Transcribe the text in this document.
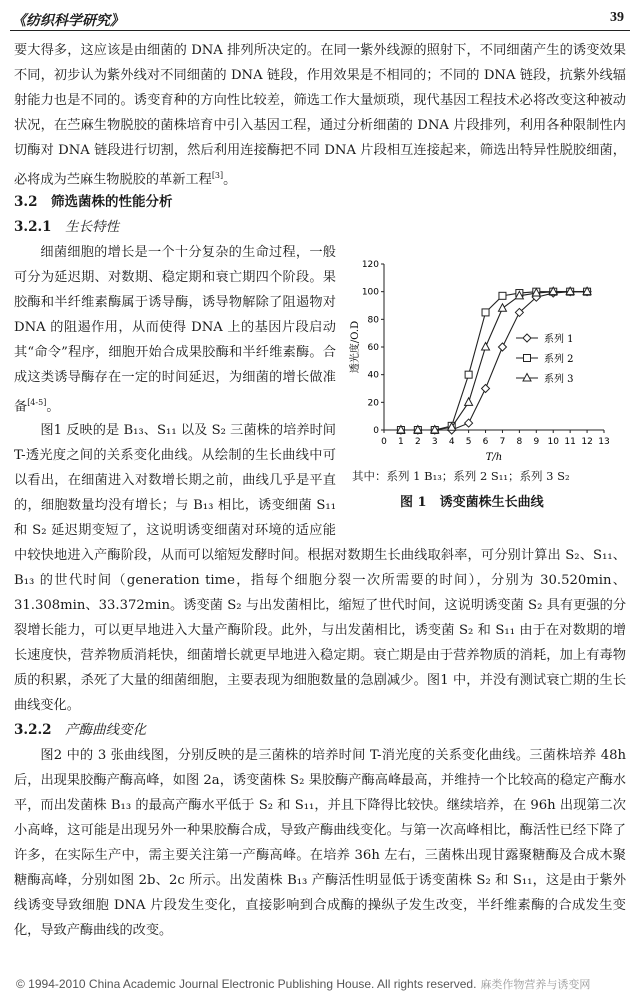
《纺织科学研究》	39
要大得多，这应该是由细菌的 DNA 排列所决定的。在同一紫外线源的照射下，不同细菌产生的诱变效果不同，初步认为紫外线对不同细菌的 DNA 链段，作用效果是不相同的；不同的 DNA 链段，抗紫外线辐射能力也是不同的。诱变育种的方向性比较差，筛选工作大量烦琐，现代基因工程技术必将改变这种被动状况，在苎麻生物脱胶的菌株培育中引入基因工程，通过分析细菌的 DNA 片段排列，利用各种限制性内切酶对 DNA 链段进行切割，然后利用连接酶把不同 DNA 片段相互连接起来，筛选出特异性脱胶细菌，必将成为苎麻生物脱胶的革新工程[3]。
3.2　筛选菌株的性能分析
3.2.1　 生长特性
细菌细胞的增长是一个十分复杂的生命过程，一般可分为延迟期、对数期、稳定期和衰亡期四个阶段。果胶酶和半纤维素酶属于诱导酶，诱导物解除了阻遏物对 DNA 的阻遏作用，从而使得 DNA 上的基因片段启动其“命令”程序，细胞开始合成果胶酶和半纤维素酶。合成这类诱导酶存在一定的时间延迟，为细菌的增长做准备[4-5]。
图1 反映的是 B₁₃、S₁₁ 以及 S₂ 三菌株的培养时间 T-透光度之间的关系变化曲线。从绘制的生长曲线中可以看出，在细菌进入对数增长期之前，曲线几乎是平直的，细胞数量均没有增长；与 B₁₃ 相比，诱变细菌 S₁₁ 和 S₂ 延迟期变短了，这说明诱变细菌对环境的适应能
中较快地进入产酶阶段，从而可以缩短发酵时间。根据对数期生长曲线取斜率，可分别计算出 S₂、S₁₁、B₁₃ 的世代时间（generation time，指每个细胞分裂一次所需要的时间），分别为 30.520min、31.308min、33.372min。诱变菌 S₂ 与出发菌相比，缩短了世代时间，这说明诱变菌 S₂ 具有更强的分裂增长能力，可以更早地进入大量产酶阶段。此外，与出发菌相比，诱变菌 S₂ 和 S₁₁ 由于在对数期的增长速度快，营养物质消耗快，细菌增长就更早地进入稳定期。衰亡期是由于营养物质的消耗，加上有毒物质的积累，杀死了大量的细菌细胞，主要表现为细胞数量的急剧减少。图1 中，并没有测试衰亡期的生长曲线变化。
3.2.2　 产酶曲线变化
图2 中的 3 张曲线图，分别反映的是三菌株的培养时间 T-消光度的关系变化曲线。三菌株培养 48h 后，出现果胶酶产酶高峰，如图 2a，诱变菌株 S₂ 果胶酶产酶高峰最高，并维持一个比较高的稳定产酶水平，而出发菌株 B₁₃ 的最高产酶水平低于 S₂ 和 S₁₁，并且下降得比较快。继续培养，在 96h 出现第二次小高峰，这可能是出现另外一种果胶酶合成，导致产酶曲线变化。与第一次高峰相比，酶活性已经下降了许多，在实际生产中，需主要关注第一产酶高峰。在培养 36h 左右，三菌株出现甘露聚糖酶及合成木聚糖酶高峰，分别如图 2b、2c 所示。出发菌株 B₁₃ 产酶活性明显低于诱变菌株 S₂ 和 S₁₁，这是由于紫外线诱变导致细胞 DNA 片段发生变化，直接影响到合成酶的操纵子发生改变，半纤维素酶的合成发生变化，导致产酶曲线的改变。
0 1 2 3 4 5 6 7 8 9 10 11 12 13
0
20
40
60
80
100
120
T/h
透光度/O.D	系列 1
系列 2
系列 3
其中：系列 1 B₁₃；系列 2 S₁₁；系列 3 S₂
图 1　诱变菌株生长曲线
© 1994-2010 China Academic Journal Electronic Publishing House. All rights reserved. 麻类作物营养与诱变网
